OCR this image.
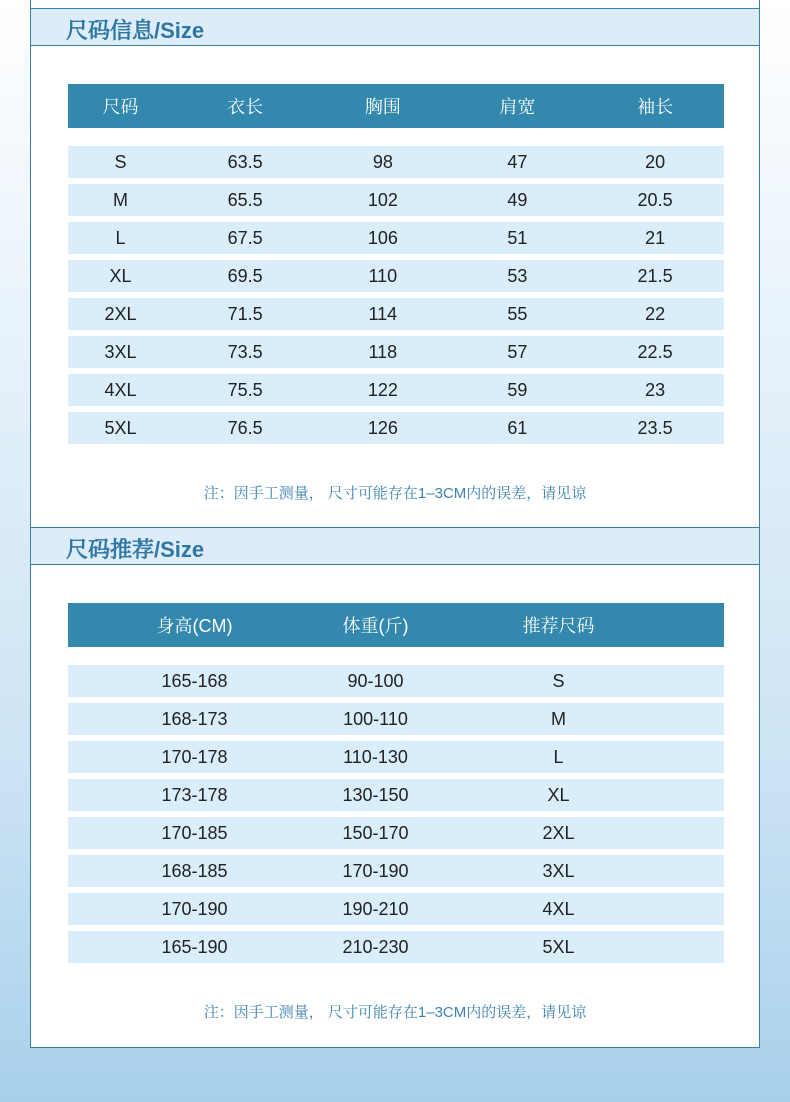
尺码信息/Size
尺码	衣长	胸围	肩宽	袖长
S	63.5	98	47	20
M	65.5	102	49	20.5
L	67.5	106	51	21
XL	69.5	110	53	21.5
2XL	71.5	114	55	22
3XL	73.5	118	57	22.5
4XL	75.5	122	59	23
5XL	76.5	126	61	23.5
注：因手工测量， 尺寸可能存在1–3CM内的误差，请见谅
尺码推荐/Size
身高(CM)	体重(斤)	推荐尺码
165-168	90-100	S
168-173	100-110	M
170-178	110-130	L
173-178	130-150	XL
170-185	150-170	2XL
168-185	170-190	3XL
170-190	190-210	4XL
165-190	210-230	5XL
注：因手工测量， 尺寸可能存在1–3CM内的误差，请见谅
